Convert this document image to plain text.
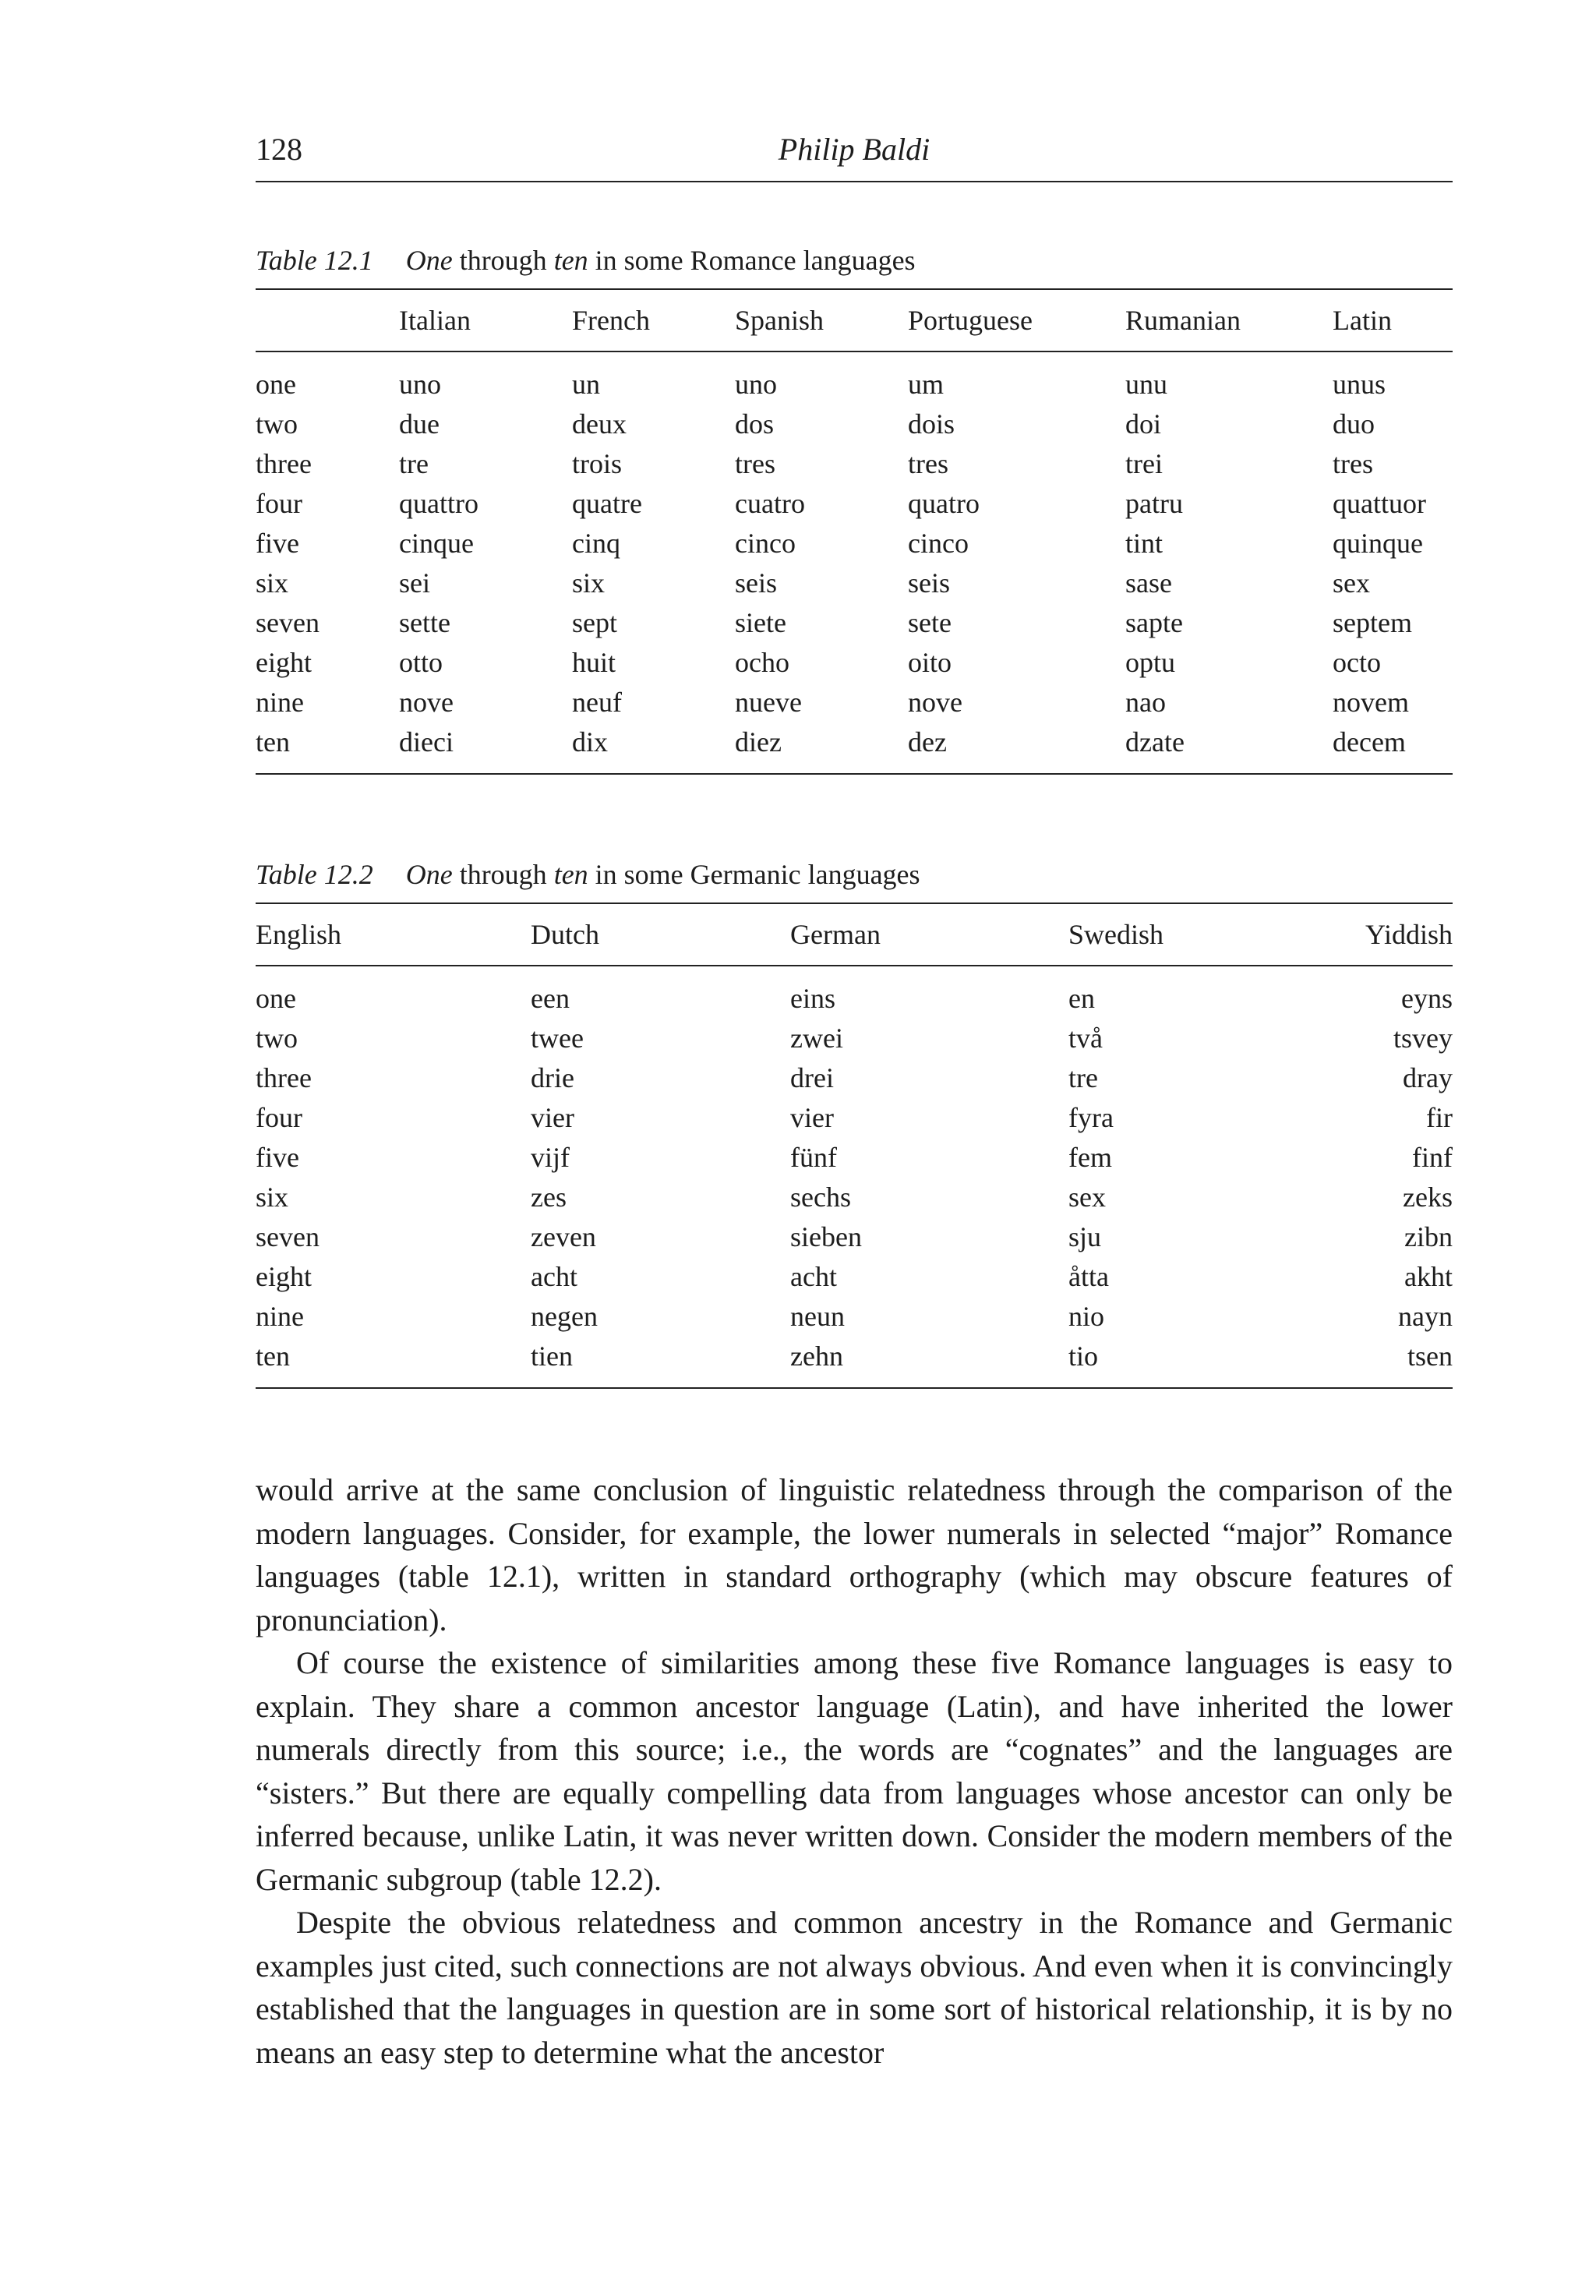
128	Philip Baldi
Table 12.1 One through ten in some Romance languages
	Italian	French	Spanish	Portuguese	Rumanian	Latin
one	uno	un	uno	um	unu	unus
two	due	deux	dos	dois	doi	duo
three	tre	trois	tres	tres	trei	tres
four	quattro	quatre	cuatro	quatro	patru	quattuor
five	cinque	cinq	cinco	cinco	tint	quinque
six	sei	six	seis	seis	sase	sex
seven	sette	sept	siete	sete	sapte	septem
eight	otto	huit	ocho	oito	optu	octo
nine	nove	neuf	nueve	nove	nao	novem
ten	dieci	dix	diez	dez	dzate	decem
Table 12.2 One through ten in some Germanic languages
English	Dutch	German	Swedish	Yiddish
one	een	eins	en	eyns
two	twee	zwei	två	tsvey
three	drie	drei	tre	dray
four	vier	vier	fyra	fir
five	vijf	fünf	fem	finf
six	zes	sechs	sex	zeks
seven	zeven	sieben	sju	zibn
eight	acht	acht	åtta	akht
nine	negen	neun	nio	nayn
ten	tien	zehn	tio	tsen

would arrive at the same conclusion of linguistic relatedness through the comparison of the modern languages. Consider, for example, the lower numerals in selected “major” Romance languages (table 12.1), written in standard orthography (which may obscure features of pronunciation).

Of course the existence of similarities among these five Romance languages is easy to explain. They share a common ancestor language (Latin), and have inherited the lower numerals directly from this source; i.e., the words are “cognates” and the languages are “sisters.” But there are equally compelling data from languages whose ancestor can only be inferred because, unlike Latin, it was never written down. Consider the modern members of the Germanic subgroup (table 12.2).

Despite the obvious relatedness and common ancestry in the Romance and Germanic examples just cited, such connections are not always obvious. And even when it is convincingly established that the languages in question are in some sort of historical relationship, it is by no means an easy step to determine what the ancestor
